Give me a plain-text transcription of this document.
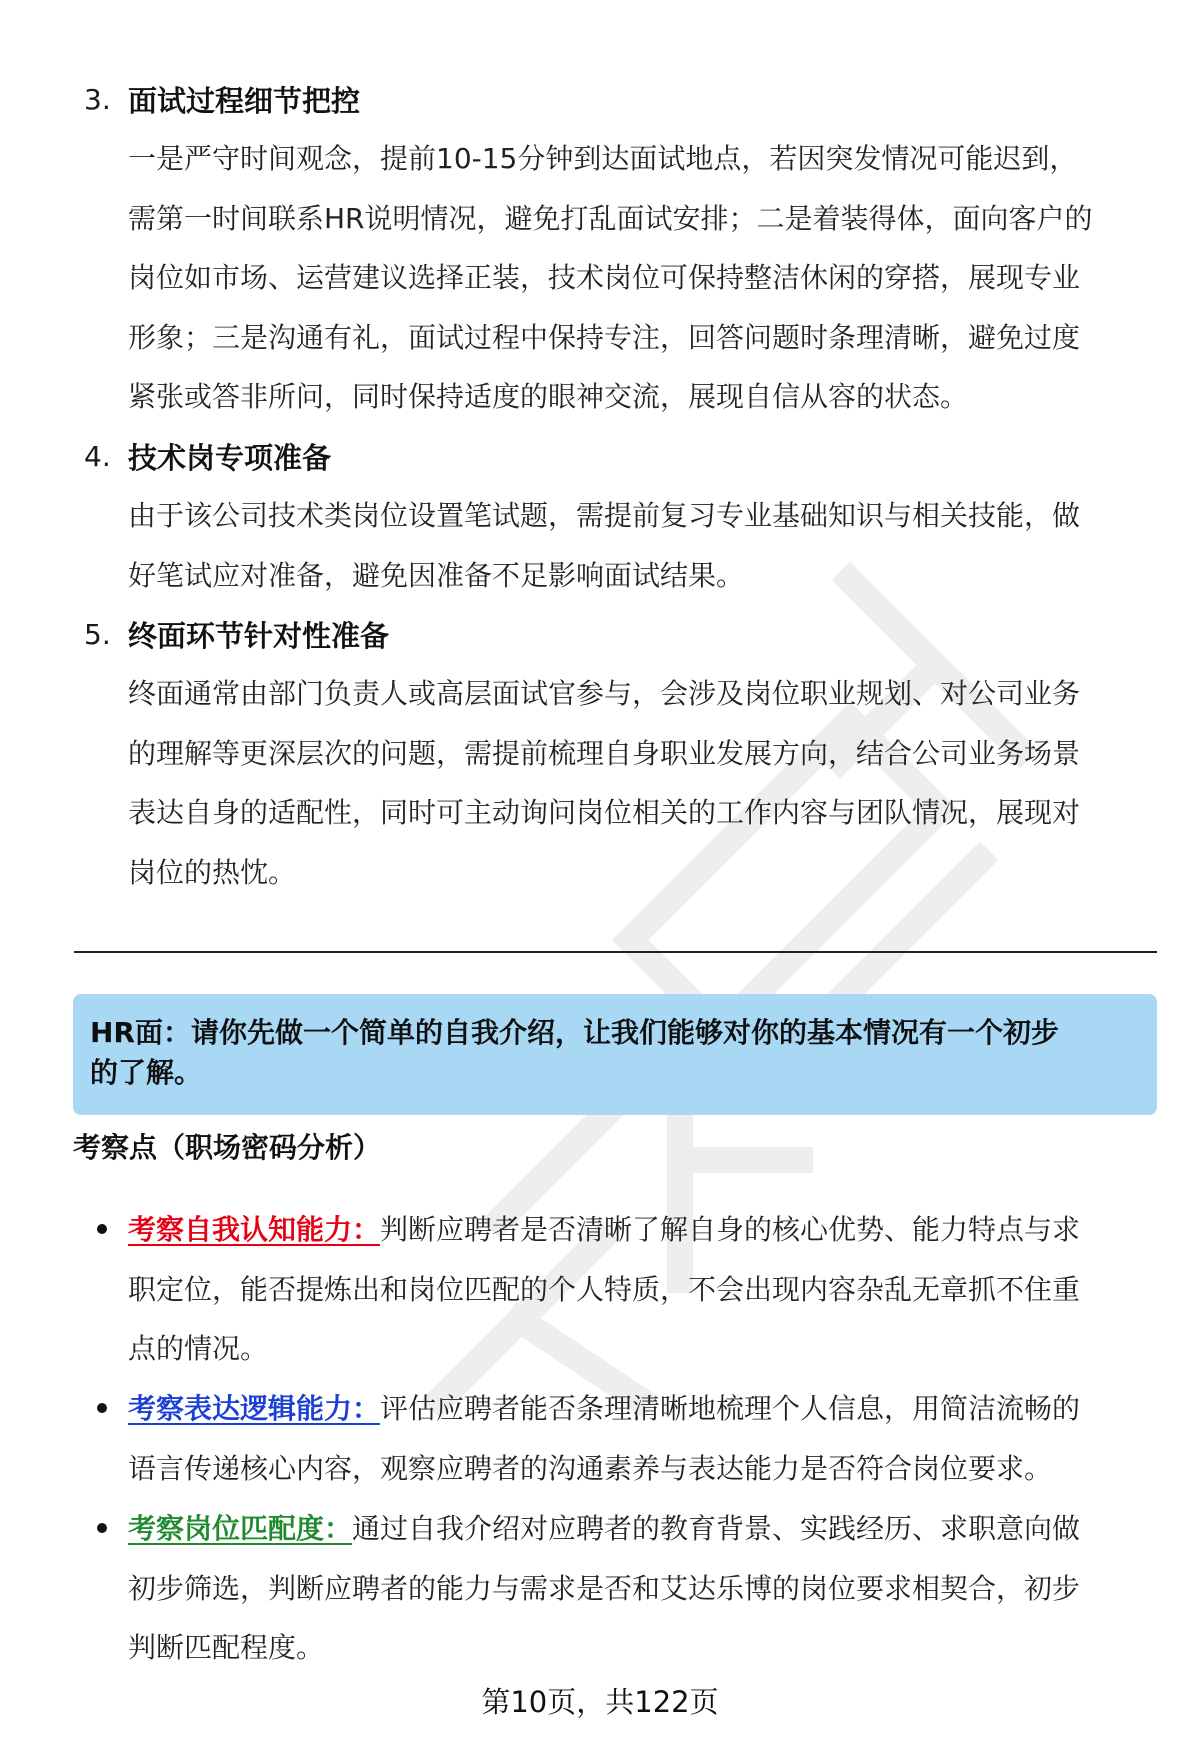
3. 面试过程细节把控
一是严守时间观念，提前10-15分钟到达面试地点，若因突发情况可能迟到，
需第一时间联系HR说明情况，避免打乱面试安排；二是着装得体，面向客户的
岗位如市场、运营建议选择正装，技术岗位可保持整洁休闲的穿搭，展现专业
形象；三是沟通有礼，面试过程中保持专注，回答问题时条理清晰，避免过度
紧张或答非所问，同时保持适度的眼神交流，展现自信从容的状态。
4. 技术岗专项准备
由于该公司技术类岗位设置笔试题，需提前复习专业基础知识与相关技能，做
好笔试应对准备，避免因准备不足影响面试结果。
5. 终面环节针对性准备
终面通常由部门负责人或高层面试官参与，会涉及岗位职业规划、对公司业务
的理解等更深层次的问题，需提前梳理自身职业发展方向，结合公司业务场景
表达自身的适配性，同时可主动询问岗位相关的工作内容与团队情况，展现对
岗位的热忱。
HR面：请你先做一个简单的自我介绍，让我们能够对你的基本情况有一个初步
的了解。
考察点（职场密码分析）
考察自我认知能力：判断应聘者是否清晰了解自身的核心优势、能力特点与求
职定位，能否提炼出和岗位匹配的个人特质，不会出现内容杂乱无章抓不住重
点的情况。
考察表达逻辑能力：评估应聘者能否条理清晰地梳理个人信息，用简洁流畅的
语言传递核心内容，观察应聘者的沟通素养与表达能力是否符合岗位要求。
考察岗位匹配度：通过自我介绍对应聘者的教育背景、实践经历、求职意向做
初步筛选，判断应聘者的能力与需求是否和艾达乐博的岗位要求相契合，初步
判断匹配程度。
第10页，共122页
